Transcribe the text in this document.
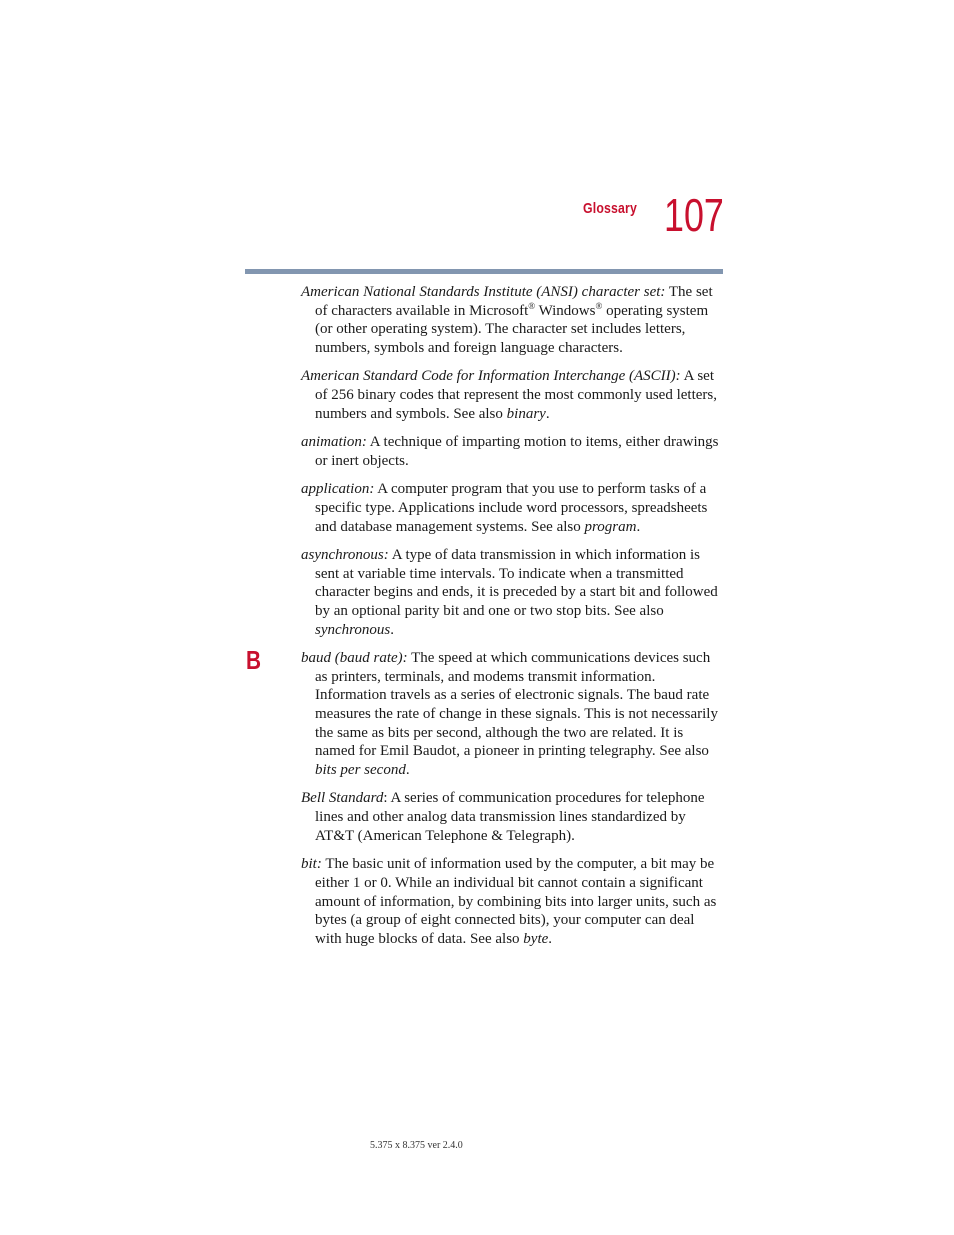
Glossary 107
B

American National Standards Institute (ANSI) character set: The set of characters available in Microsoft® Windows® operating system (or other operating system). The character set includes letters, numbers, symbols and foreign language characters.

American Standard Code for Information Interchange (ASCII): A set of 256 binary codes that represent the most commonly used letters, numbers and symbols. See also binary.

animation: A technique of imparting motion to items, either drawings or inert objects.

application: A computer program that you use to perform tasks of a specific type. Applications include word processors, spreadsheets and database management systems. See also program.

asynchronous: A type of data transmission in which information is sent at variable time intervals. To indicate when a transmitted character begins and ends, it is preceded by a start bit and followed by an optional parity bit and one or two stop bits. See also synchronous.

baud (baud rate): The speed at which communications devices such as printers, terminals, and modems transmit information. Information travels as a series of electronic signals. The baud rate measures the rate of change in these signals. This is not necessarily the same as bits per second, although the two are related. It is named for Emil Baudot, a pioneer in printing telegraphy. See also bits per second.

Bell Standard: A series of communication procedures for telephone lines and other analog data transmission lines standardized by AT&T (American Telephone & Telegraph).

bit: The basic unit of information used by the computer, a bit may be either 1 or 0. While an individual bit cannot contain a significant amount of information, by combining bits into larger units, such as bytes (a group of eight connected bits), your computer can deal with huge blocks of data. See also byte.

5.375 x 8.375 ver 2.4.0
